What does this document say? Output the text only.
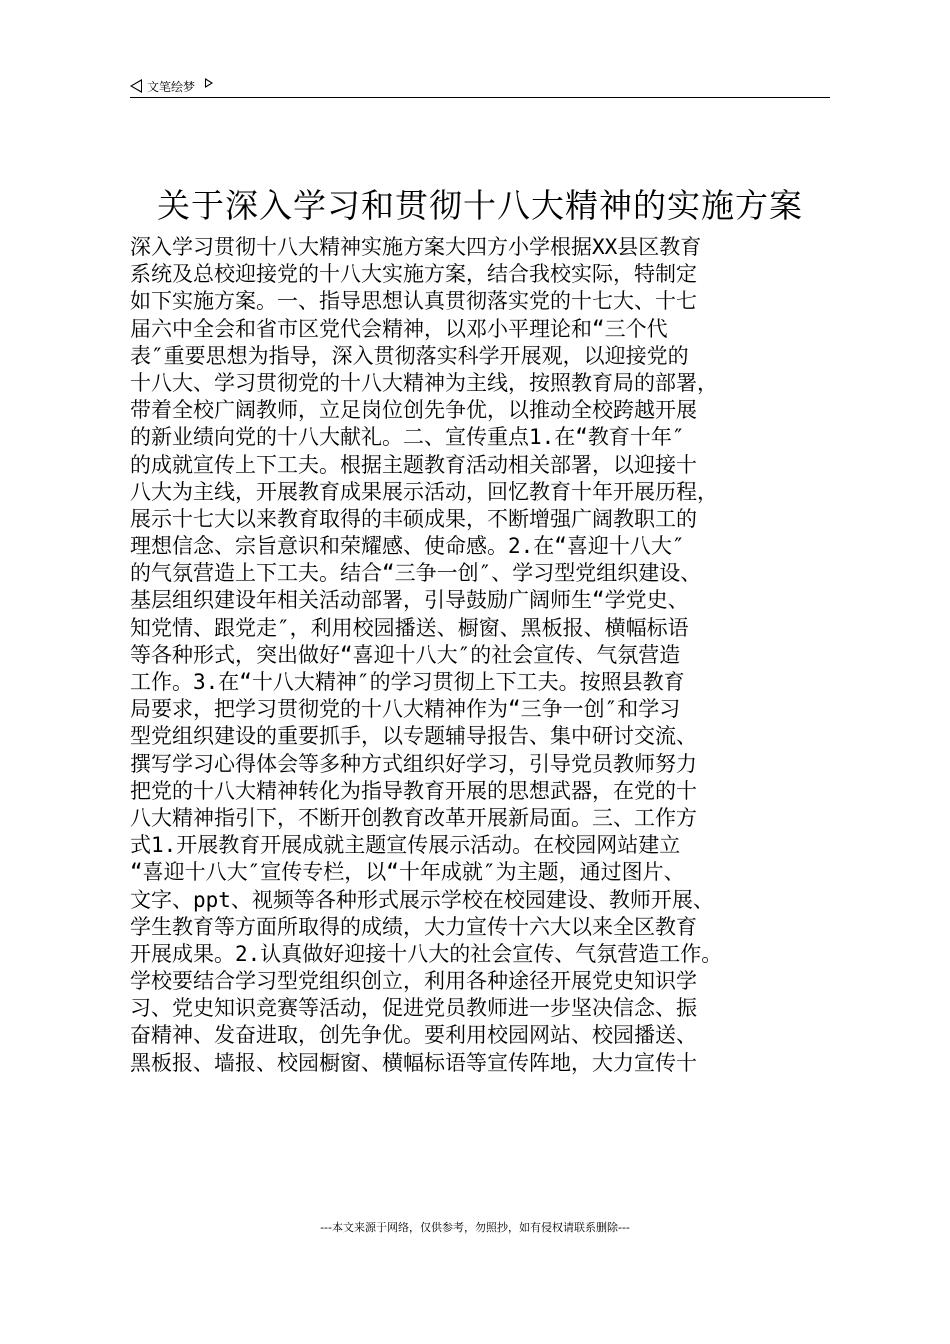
文笔绘梦
关于深入学习和贯彻十八大精神的实施方案
深入学习贯彻十八大精神实施方案大四方小学根据XX县区教育
系统及总校迎接党的十八大实施方案，结合我校实际，特制定
如下实施方案。一、指导思想认真贯彻落实党的十七大、十七
届六中全会和省市区党代会精神，以邓小平理论和“三个代
表″重要思想为指导，深入贯彻落实科学开展观，以迎接党的
十八大、学习贯彻党的十八大精神为主线，按照教育局的部署，
带着全校广阔教师，立足岗位创先争优，以推动全校跨越开展
的新业绩向党的十八大献礼。二、宣传重点1.在“教育十年″
的成就宣传上下工夫。根据主题教育活动相关部署，以迎接十
八大为主线，开展教育成果展示活动，回忆教育十年开展历程，
展示十七大以来教育取得的丰硕成果，不断增强广阔教职工的
理想信念、宗旨意识和荣耀感、使命感。2.在“喜迎十八大″
的气氛营造上下工夫。结合“三争一创″、学习型党组织建设、
基层组织建设年相关活动部署，引导鼓励广阔师生“学党史、
知党情、跟党走″，利用校园播送、橱窗、黑板报、横幅标语
等各种形式，突出做好“喜迎十八大″的社会宣传、气氛营造
工作。3.在“十八大精神″的学习贯彻上下工夫。按照县教育
局要求，把学习贯彻党的十八大精神作为“三争一创″和学习
型党组织建设的重要抓手，以专题辅导报告、集中研讨交流、
撰写学习心得体会等多种方式组织好学习，引导党员教师努力
把党的十八大精神转化为指导教育开展的思想武器，在党的十
八大精神指引下，不断开创教育改革开展新局面。三、工作方
式1.开展教育开展成就主题宣传展示活动。在校园网站建立
“喜迎十八大″宣传专栏，以“十年成就″为主题，通过图片、
文字、ppt、视频等各种形式展示学校在校园建设、教师开展、
学生教育等方面所取得的成绩，大力宣传十六大以来全区教育
开展成果。2.认真做好迎接十八大的社会宣传、气氛营造工作。
学校要结合学习型党组织创立，利用各种途径开展党史知识学
习、党史知识竞赛等活动，促进党员教师进一步坚决信念、振
奋精神、发奋进取，创先争优。要利用校园网站、校园播送、
黑板报、墙报、校园橱窗、横幅标语等宣传阵地，大力宣传十
---本文来源于网络，仅供参考，勿照抄，如有侵权请联系删除---
